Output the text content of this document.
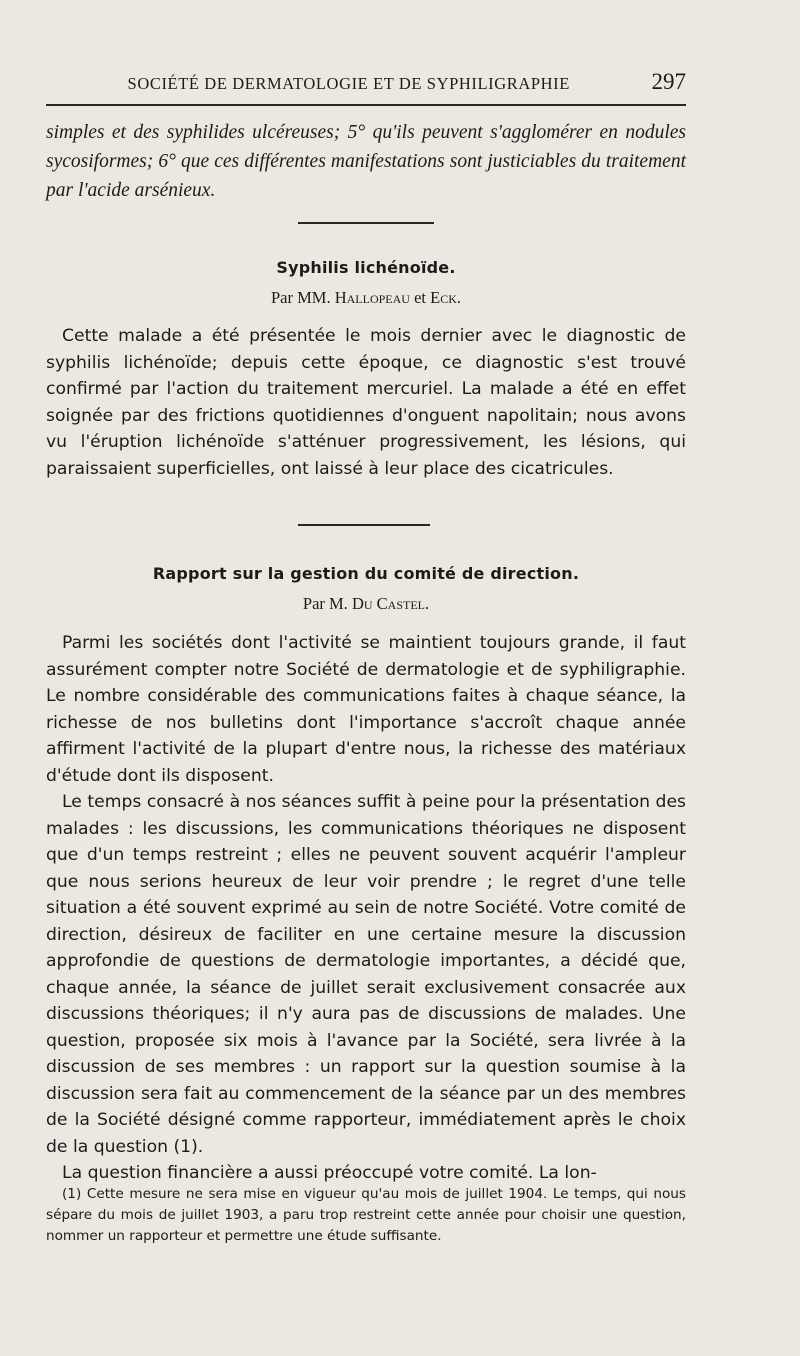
SOCIÉTÉ DE DERMATOLOGIE ET DE SYPHILIGRAPHIE	297
simples et des syphilides ulcéreuses; 5° qu'ils peuvent s'agglomérer en nodules sycosiformes; 6° que ces différentes manifestations sont justiciables du traitement par l'acide arsénieux.
Syphilis lichénoïde.
Par MM. Hallopeau et Eck.

Cette malade a été présentée le mois dernier avec le diagnostic de syphilis lichénoïde; depuis cette époque, ce diagnostic s'est trouvé confirmé par l'action du traitement mercuriel. La malade a été en effet soignée par des frictions quotidiennes d'onguent napolitain; nous avons vu l'éruption lichénoïde s'atténuer progressivement, les lésions, qui paraissaient superficielles, ont laissé à leur place des cicatricules.

Rapport sur la gestion du comité de direction.
Par M. Du Castel.

Parmi les sociétés dont l'activité se maintient toujours grande, il faut assurément compter notre Société de dermatologie et de syphiligraphie. Le nombre considérable des communications faites à chaque séance, la richesse de nos bulletins dont l'importance s'accroît chaque année affirment l'activité de la plupart d'entre nous, la richesse des matériaux d'étude dont ils disposent.

Le temps consacré à nos séances suffit à peine pour la présentation des malades : les discussions, les communications théoriques ne disposent que d'un temps restreint ; elles ne peuvent souvent acquérir l'ampleur que nous serions heureux de leur voir prendre ; le regret d'une telle situation a été souvent exprimé au sein de notre Société. Votre comité de direction, désireux de faciliter en une certaine mesure la discussion approfondie de questions de dermatologie importantes, a décidé que, chaque année, la séance de juillet serait exclusivement consacrée aux discussions théoriques; il n'y aura pas de discussions de malades. Une question, proposée six mois à l'avance par la Société, sera livrée à la discussion de ses membres : un rapport sur la question soumise à la discussion sera fait au commencement de la séance par un des membres de la Société désigné comme rapporteur, immédiatement après le choix de la question (1).

La question financière a aussi préoccupé votre comité. La lon-

(1) Cette mesure ne sera mise en vigueur qu'au mois de juillet 1904. Le temps, qui nous sépare du mois de juillet 1903, a paru trop restreint cette année pour choisir une question, nommer un rapporteur et permettre une étude suffisante.
